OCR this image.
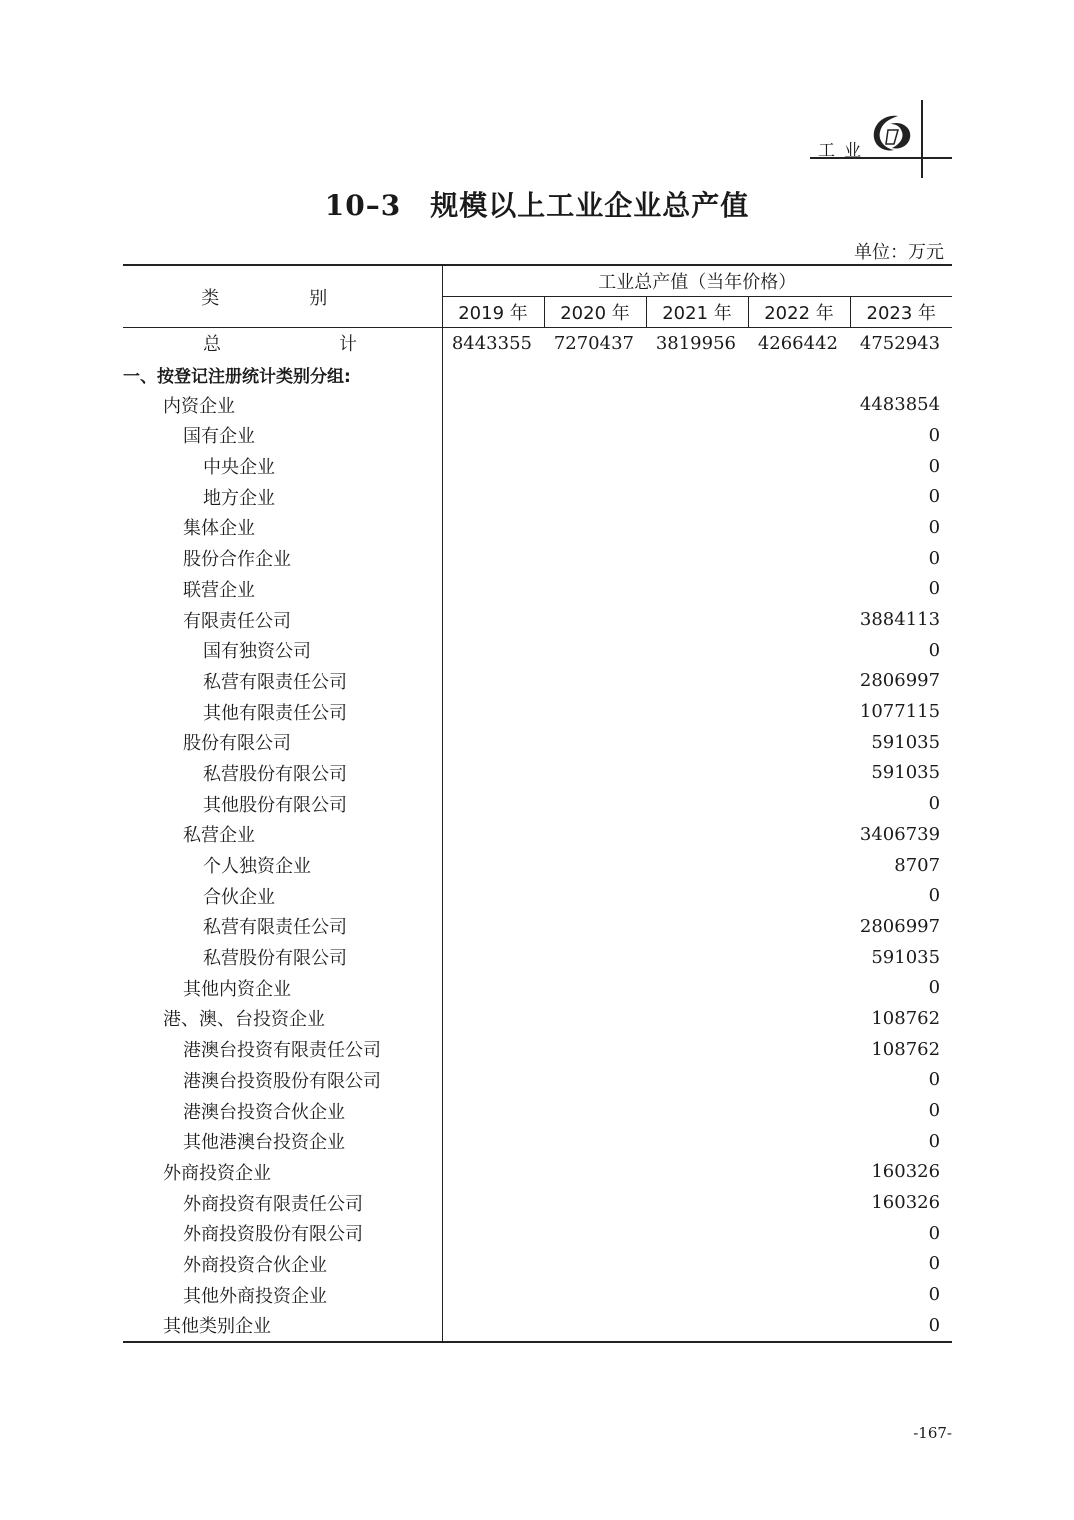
工业
10–3　规模以上工业企业总产值
单位：万元
类　别	工业总产值（当年价格）				
	2019 年	2020 年	2021 年	2022 年	2023 年
总　计	8443355	7270437	3819956	4266442	4752943
一、按登记注册统计类别分组:					
内资企业					4483854
国有企业					0
中央企业					0
地方企业					0
集体企业					0
股份合作企业					0
联营企业					0
有限责任公司					3884113
国有独资公司					0
私营有限责任公司					2806997
其他有限责任公司					1077115
股份有限公司					591035
私营股份有限公司					591035
其他股份有限公司					0
私营企业					3406739
个人独资企业					8707
合伙企业					0
私营有限责任公司					2806997
私营股份有限公司					591035
其他内资企业					0
港、澳、台投资企业					108762
港澳台投资有限责任公司					108762
港澳台投资股份有限公司					0
港澳台投资合伙企业					0
其他港澳台投资企业					0
外商投资企业					160326
外商投资有限责任公司					160326
外商投资股份有限公司					0
外商投资合伙企业					0
其他外商投资企业					0
其他类别企业					0
-167-
